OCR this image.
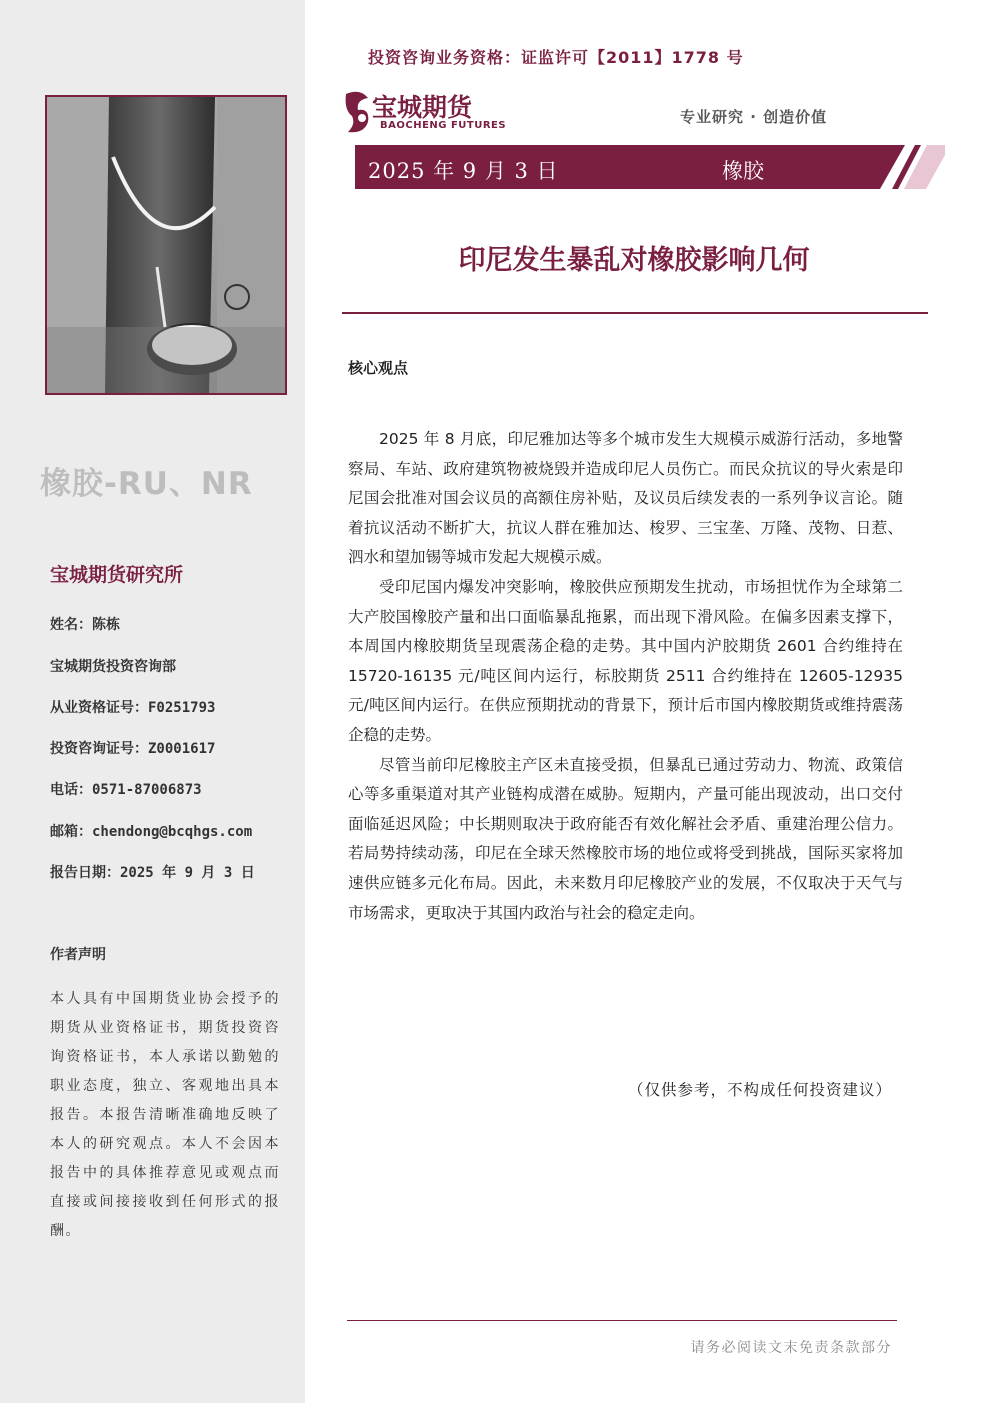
橡胶-RU、NR
宝城期货研究所
姓名：陈栋
宝城期货投资咨询部
从业资格证号：F0251793
投资咨询证号：Z0001617
电话：0571-87006873
邮箱：chendong@bcqhgs.com
报告日期：2025 年 9 月 3 日
作者声明
本人具有中国期货业协会授予的期货从业资格证书，期货投资咨询资格证书，本人承诺以勤勉的职业态度，独立、客观地出具本报告。本报告清晰准确地反映了本人的研究观点。本人不会因本报告中的具体推荐意见或观点而直接或间接接收到任何形式的报酬。
投资咨询业务资格：证监许可【2011】1778 号
宝城期货
BAOCHENG FUTURES	专业研究 · 创造价值
2025 年 9 月 3 日	橡胶
印尼发生暴乱对橡胶影响几何
核心观点

2025 年 8 月底，印尼雅加达等多个城市发生大规模示威游行活动，多地警察局、车站、政府建筑物被烧毁并造成印尼人员伤亡。而民众抗议的导火索是印尼国会批准对国会议员的高额住房补贴，及议员后续发表的一系列争议言论。随着抗议活动不断扩大，抗议人群在雅加达、梭罗、三宝垄、万隆、茂物、日惹、泗水和望加锡等城市发起大规模示威。

受印尼国内爆发冲突影响，橡胶供应预期发生扰动，市场担忧作为全球第二大产胶国橡胶产量和出口面临暴乱拖累，而出现下滑风险。在偏多因素支撑下，本周国内橡胶期货呈现震荡企稳的走势。其中国内沪胶期货 2601 合约维持在 15720-16135 元/吨区间内运行，标胶期货 2511 合约维持在 12605-12935 元/吨区间内运行。在供应预期扰动的背景下，预计后市国内橡胶期货或维持震荡企稳的走势。

尽管当前印尼橡胶主产区未直接受损，但暴乱已通过劳动力、物流、政策信心等多重渠道对其产业链构成潜在威胁。短期内，产量可能出现波动，出口交付面临延迟风险；中长期则取决于政府能否有效化解社会矛盾、重建治理公信力。若局势持续动荡，印尼在全球天然橡胶市场的地位或将受到挑战，国际买家将加速供应链多元化布局。因此，未来数月印尼橡胶产业的发展，不仅取决于天气与市场需求，更取决于其国内政治与社会的稳定走向。

（仅供参考，不构成任何投资建议）
请务必阅读文末免责条款部分
